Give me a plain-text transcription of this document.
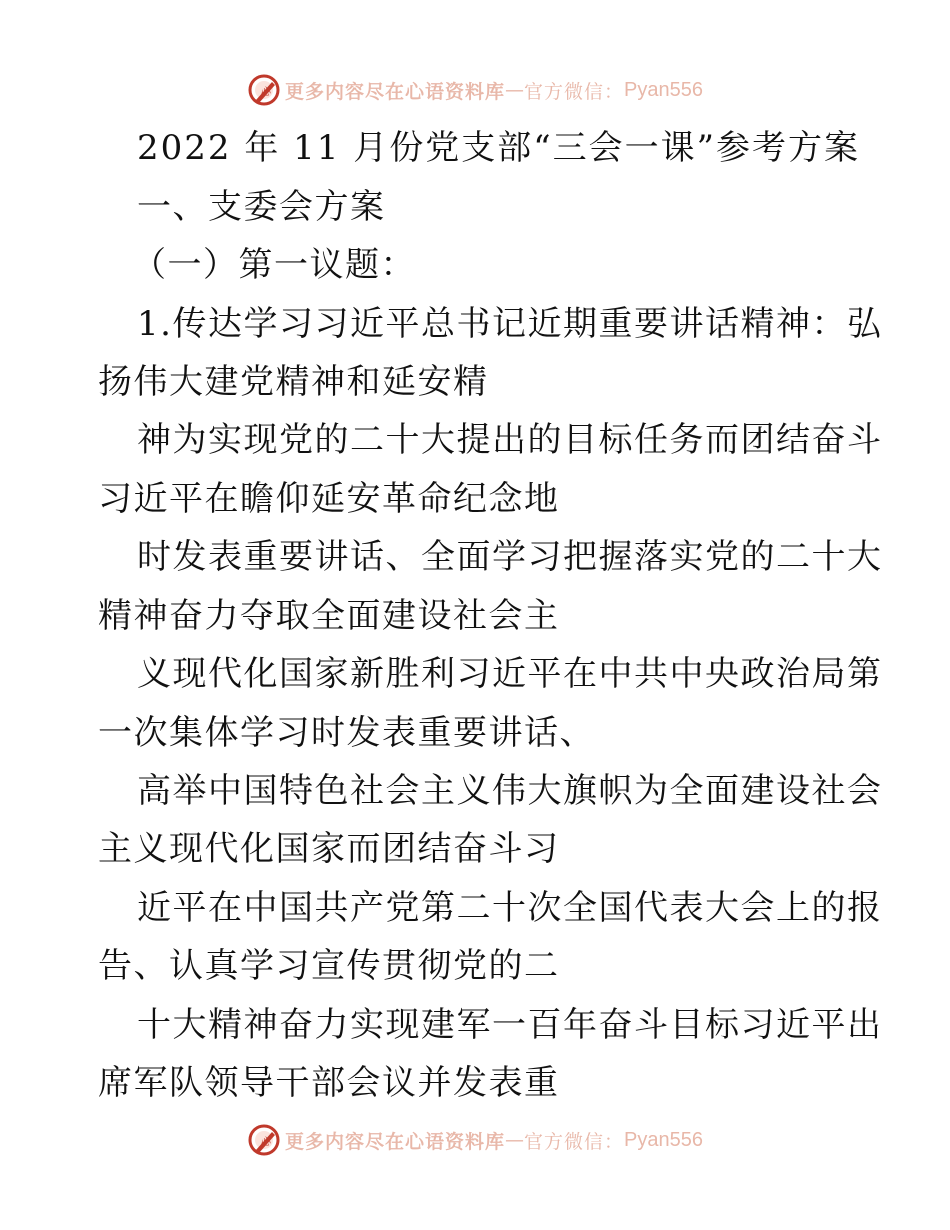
心 更多内容尽在心语资料库 — 官方微信： Pyan556
2022 年 11 月份党支部“三会一课”参考方案
一、支委会方案
（一）第一议题：
1.传达学习习近平总书记近期重要讲话精神：弘
扬伟大建党精神和延安精
神为实现党的二十大提出的目标任务而团结奋斗
习近平在瞻仰延安革命纪念地
时发表重要讲话、全面学习把握落实党的二十大
精神奋力夺取全面建设社会主
义现代化国家新胜利习近平在中共中央政治局第
一次集体学习时发表重要讲话、
高举中国特色社会主义伟大旗帜为全面建设社会
主义现代化国家而团结奋斗习
近平在中国共产党第二十次全国代表大会上的报
告、认真学习宣传贯彻党的二
十大精神奋力实现建军一百年奋斗目标习近平出
席军队领导干部会议并发表重
心 更多内容尽在心语资料库 — 官方微信： Pyan556
